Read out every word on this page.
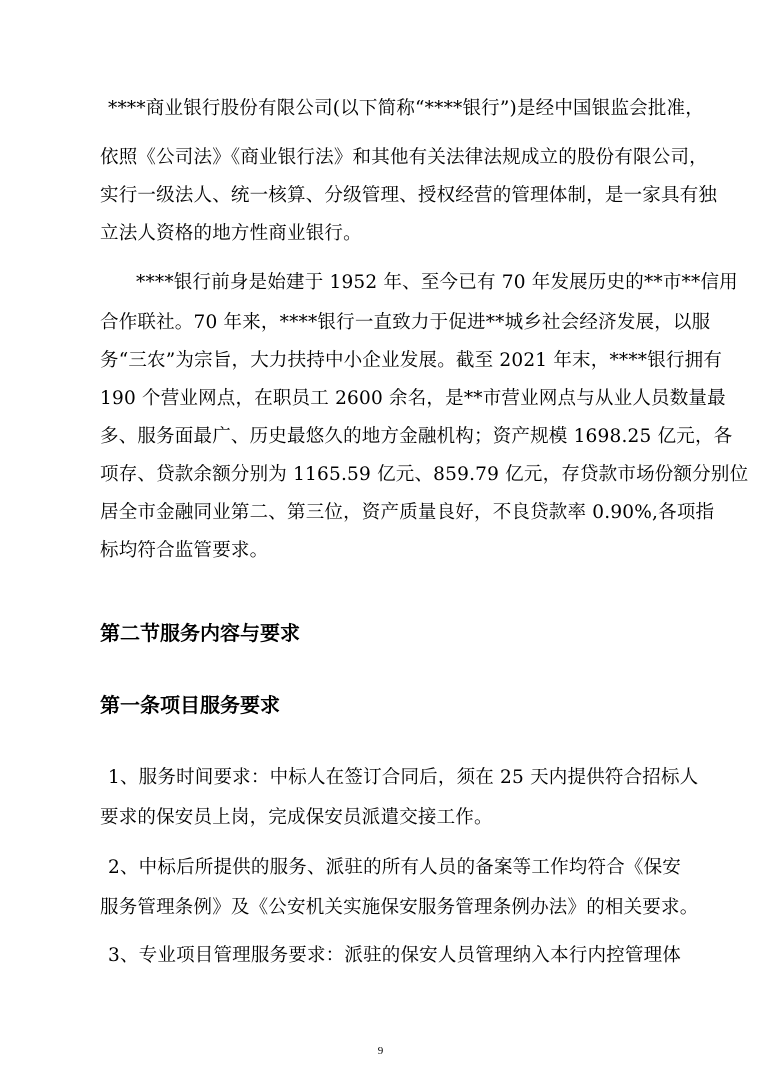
****商业银行股份有限公司(以下简称“****银行”)是经中国银监会批准，
依照《公司法》《商业银行法》和其他有关法律法规成立的股份有限公司，
实行一级法人、统一核算、分级管理、授权经营的管理体制，是一家具有独
立法人资格的地方性商业银行。
****银行前身是始建于 1952 年、至今已有 70 年发展历史的**市**信用
合作联社。70 年来，****银行一直致力于促进**城乡社会经济发展，以服
务“三农”为宗旨，大力扶持中小企业发展。截至 2021 年末，****银行拥有
190 个营业网点，在职员工 2600 余名，是**市营业网点与从业人员数量最
多、服务面最广、历史最悠久的地方金融机构；资产规模 1698.25 亿元，各
项存、贷款余额分别为 1165.59 亿元、859.79 亿元，存贷款市场份额分别位
居全市金融同业第二、第三位，资产质量良好，不良贷款率 0.90%,各项指
标均符合监管要求。
第二节服务内容与要求
第一条项目服务要求
1、服务时间要求：中标人在签订合同后，须在 25 天内提供符合招标人
要求的保安员上岗，完成保安员派遣交接工作。
2、中标后所提供的服务、派驻的所有人员的备案等工作均符合《保安
服务管理条例》及《公安机关实施保安服务管理条例办法》的相关要求。
3、专业项目管理服务要求：派驻的保安人员管理纳入本行内控管理体
9
